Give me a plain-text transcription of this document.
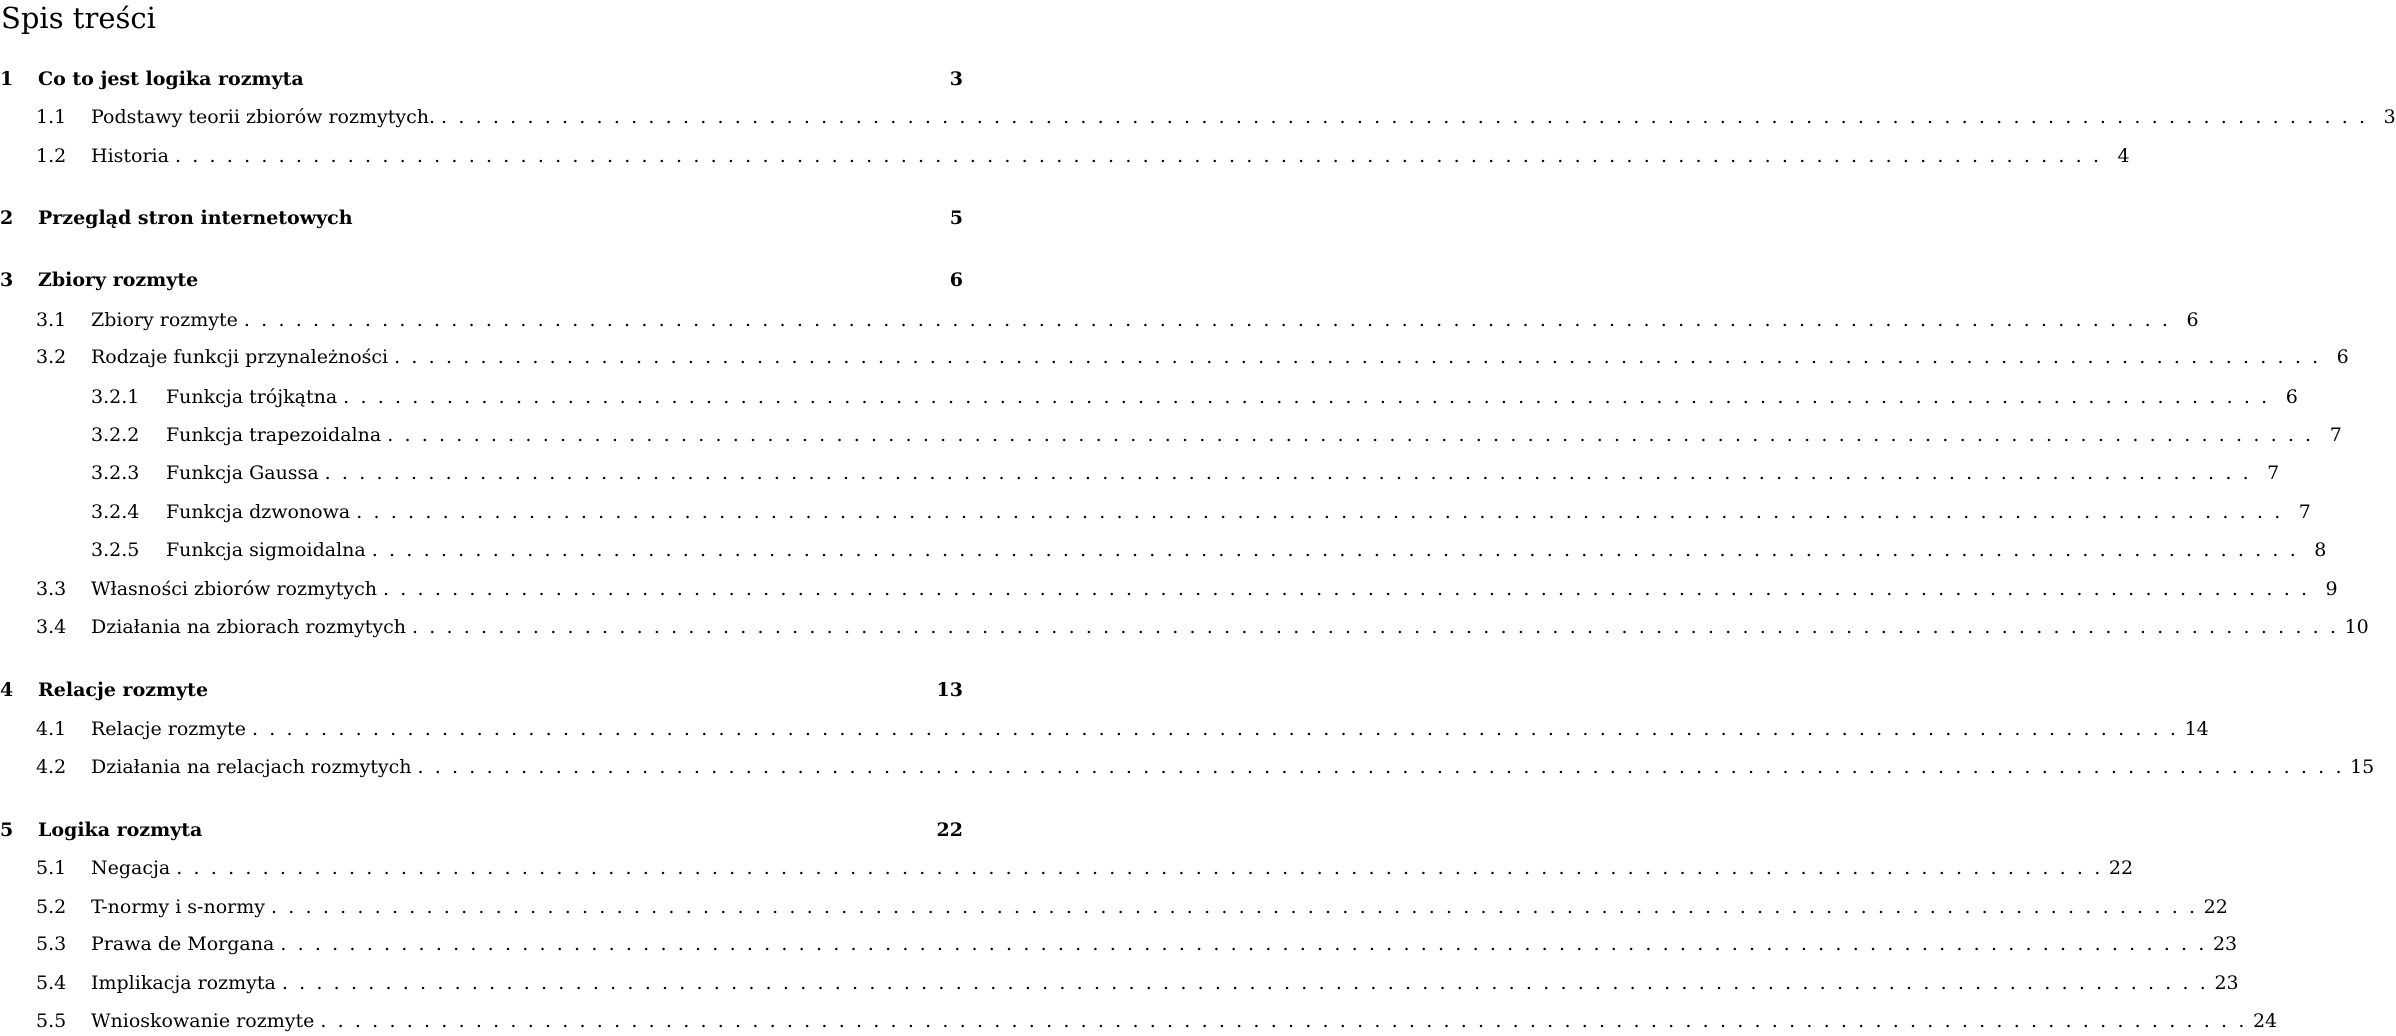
Spis treści
1	Co to jest logika rozmyta	3
1.1	Podstawy teorii zbiorów rozmytych. . . .	3
1.2	Historia . . .	4
2	Przegląd stron internetowych	5
3	Zbiory rozmyte	6
3.1	Zbiory rozmyte . . .	6
3.2	Rodzaje funkcji przynależności . . .	6
3.2.1	Funkcja trójkątna . . .	6
3.2.2	Funkcja trapezoidalna . . .	7
3.2.3	Funkcja Gaussa . . .	7
3.2.4	Funkcja dzwonowa . . .	7
3.2.5	Funkcja sigmoidalna . . .	8
3.3	Własności zbiorów rozmytych . . .	9
3.4	Działania na zbiorach rozmytych . . .	10
4	Relacje rozmyte	13
4.1	Relacje rozmyte . . .	14
4.2	Działania na relacjach rozmytych . . .	15
5	Logika rozmyta	22
5.1	Negacja . . .	22
5.2	T-normy i s-normy . . .	22
5.3	Prawa de Morgana . . .	23
5.4	Implikacja rozmyta . . .	23
5.5	Wnioskowanie rozmyte . . .	24
